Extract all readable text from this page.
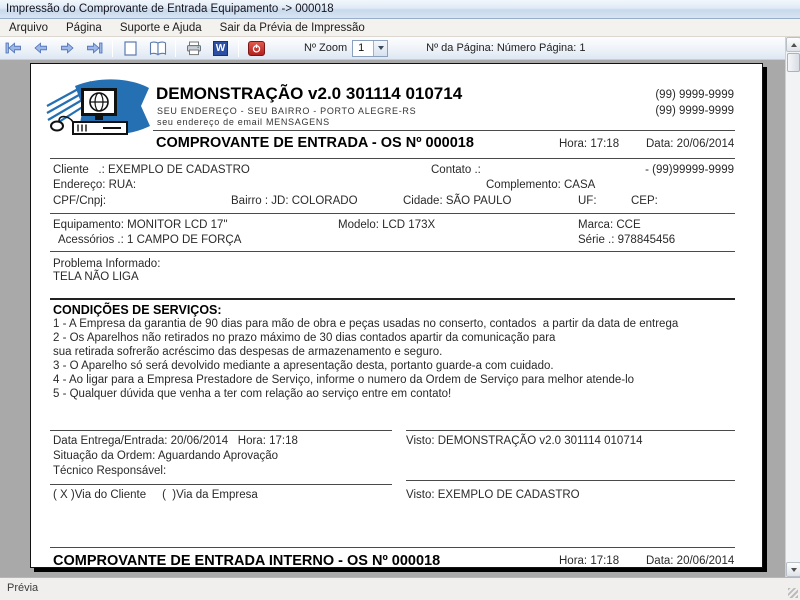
Impressão do Comprovante de Entrada Equipamento -> 000018
Arquivo	Página	Suporte e Ajuda	Sair da Prévia de Impressão
W	Nº Zoom	1	Nº da Página: Número Página: 1
DEMONSTRAÇÃO v2.0 301114 010714
SEU ENDEREÇO - SEU BAIRRO - PORTO ALEGRE-RS
seu endereço de email MENSAGENS
(99) 9999-9999
(99) 9999-9999
COMPROVANTE DE ENTRADA - OS Nº 000018	Hora: 17:18 Data: 20/06/2014
Cliente   .: EXEMPLO DE CADASTRO	Contato .:	- (99)99999-9999
Endereço: RUA:	Complemento: CASA
CPF/Cnpj:	Bairro : JD: COLORADO	Cidade: SÃO PAULO	UF:	CEP:
Equipamento: MONITOR LCD 17"	Modelo: LCD 173X	Marca: CCE
Acessórios .: 1 CAMPO DE FORÇA	Série .: 978845456
Problema Informado:
TELA NÃO LIGA
CONDIÇÕES DE SERVIÇOS:
1 - A Empresa da garantia de 90 dias para mão de obra e peças usadas no conserto, contados  a partir da data de entrega
2 - Os Aparelhos não retirados no prazo máximo de 30 dias contados apartir da comunicação para
sua retirada sofrerão acréscimo das despesas de armazenamento e seguro.
3 - O Aparelho só será devolvido mediante a apresentação desta, portanto guarde-a com cuidado.
4 - Ao ligar para a Empresa Prestadore de Serviço, informe o numero da Ordem de Serviço para melhor atende-lo
5 - Qualquer dúvida que venha a ter com relação ao serviço entre em contato!
Data Entrega/Entrada: 20/06/2014   Hora: 17:18	Visto: DEMONSTRAÇÃO v2.0 301114 010714
Situação da Ordem: Aguardando Aprovação
Técnico Responsável:
( X )Via do Cliente     (  )Via da Empresa	Visto: EXEMPLO DE CADASTRO
COMPROVANTE DE ENTRADA INTERNO - OS Nº 000018	Hora: 17:18 Data: 20/06/2014
Prévia
